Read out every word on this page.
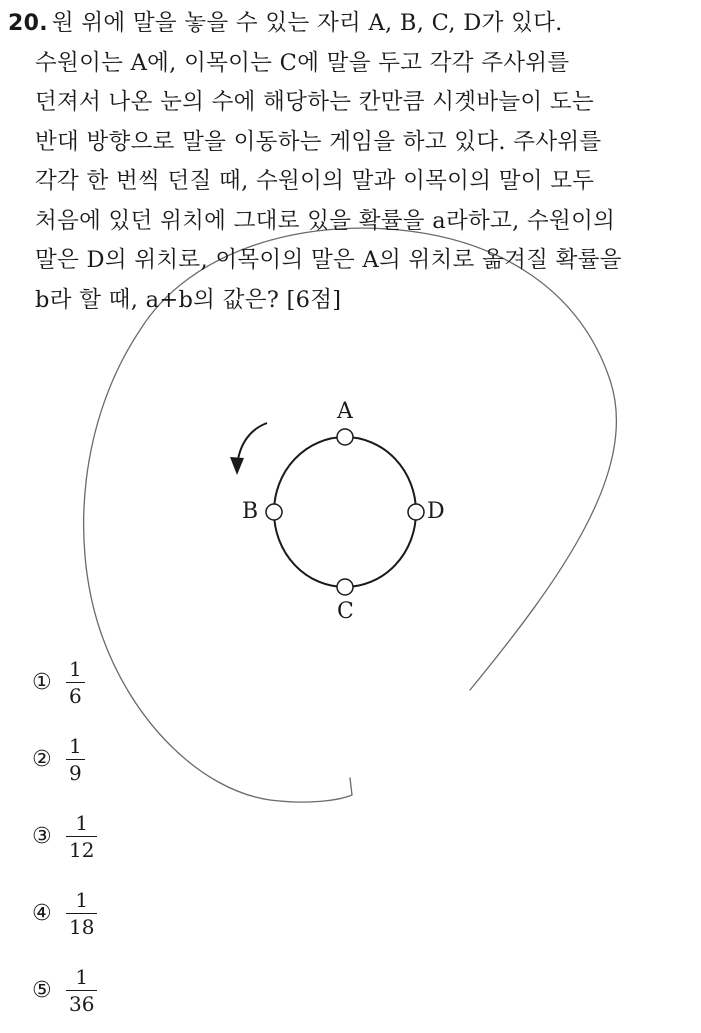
20. 원 위에 말을 놓을 수 있는 자리 A, B, C, D가 있다.
수원이는 A에, 이목이는 C에 말을 두고 각각 주사위를
던져서 나온 눈의 수에 해당하는 칸만큼 시곗바늘이 도는
반대 방향으로 말을 이동하는 게임을 하고 있다. 주사위를
각각 한 번씩 던질 때, 수원이의 말과 이목이의 말이 모두
처음에 있던 위치에 그대로 있을 확률을 a라하고, 수원이의
말은 D의 위치로, 이목이의 말은 A의 위치로 옮겨질 확률을
b라 할 때, a+b의 값은? [6점]
A
B
C
D
① $\frac{1}{6}$
② $\frac{1}{9}$
③ $\frac{1}{12}$
④ $\frac{1}{18}$
⑤ $\frac{1}{36}$
